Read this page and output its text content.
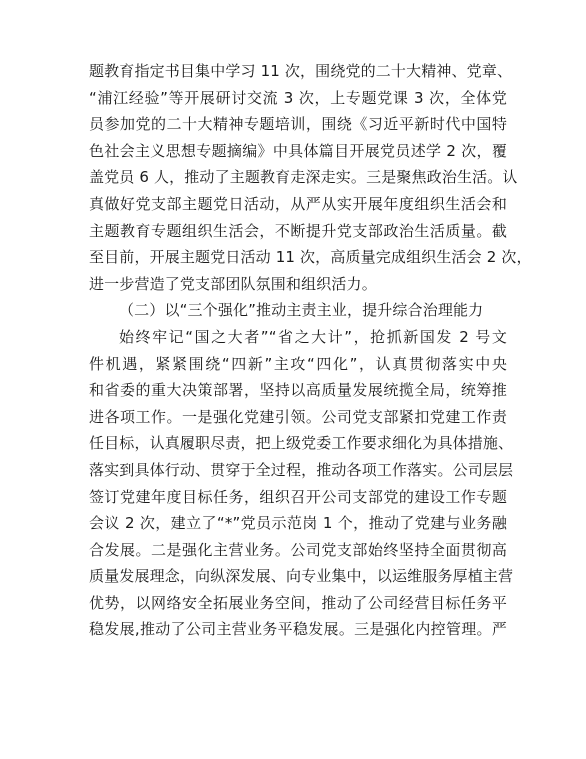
题教育指定书目集中学习 11 次，围绕党的二十大精神、党章、
“浦江经验”等开展研讨交流 3 次，上专题党课 3 次，全体党
员参加党的二十大精神专题培训，围绕《习近平新时代中国特
色社会主义思想专题摘编》中具体篇目开展党员述学 2 次，覆
盖党员 6 人，推动了主题教育走深走实。三是聚焦政治生活。认
真做好党支部主题党日活动，从严从实开展年度组织生活会和
主题教育专题组织生活会，不断提升党支部政治生活质量。截
至目前，开展主题党日活动 11 次，高质量完成组织生活会 2 次，
进一步营造了党支部团队氛围和组织活力。
（二）以“三个强化”推动主责主业，提升综合治理能力
始终牢记“国之大者”“省之大计”，抢抓新国发 2 号文
件机遇，紧紧围绕“四新”主攻“四化”，认真贯彻落实中央
和省委的重大决策部署，坚持以高质量发展统揽全局，统筹推
进各项工作。一是强化党建引领。公司党支部紧扣党建工作责
任目标，认真履职尽责，把上级党委工作要求细化为具体措施、
落实到具体行动、贯穿于全过程，推动各项工作落实。公司层层
签订党建年度目标任务，组织召开公司支部党的建设工作专题
会议 2 次，建立了“*”党员示范岗 1 个，推动了党建与业务融
合发展。二是强化主营业务。公司党支部始终坚持全面贯彻高
质量发展理念，向纵深发展、向专业集中，以运维服务厚植主营
优势，以网络安全拓展业务空间，推动了公司经营目标任务平
稳发展,推动了公司主营业务平稳发展。三是强化内控管理。严
